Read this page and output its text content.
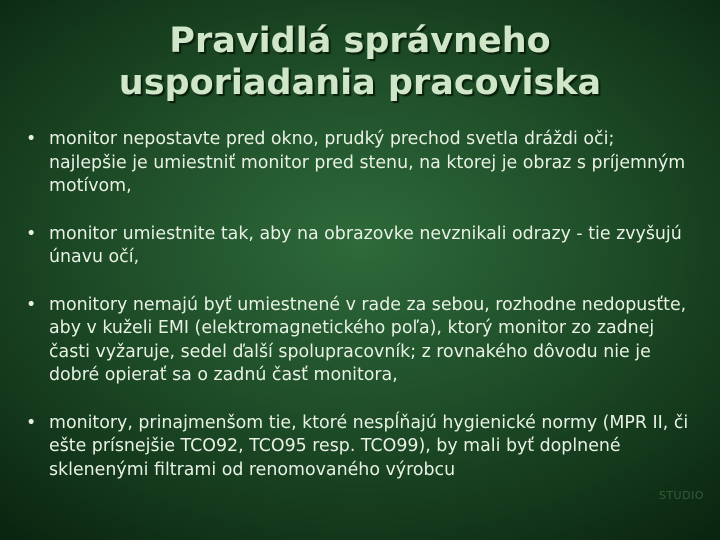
Pravidlá správneho usporiadania pracoviska
• monitor nepostavte pred okno, prudký prechod svetla dráždi oči; najlepšie je umiestniť monitor pred stenu, na ktorej je obraz s príjemným motívom,
• monitor umiestnite tak, aby na obrazovke nevznikali odrazy - tie zvyšujú únavu očí,
• monitory nemajú byť umiestnené v rade za sebou, rozhodne nedopusťte, aby v kuželi EMI (elektromagnetického poľa), ktorý monitor zo zadnej časti vyžaruje, sedel ďalší spolupracovník; z rovnakého dôvodu nie je dobré opierať sa o zadnú časť monitora,
• monitory, prinajmenšom tie, ktoré nespĺňajú hygienické normy (MPR II, či ešte prísnejšie TCO92, TCO95 resp. TCO99), by mali byť doplnené sklenenými filtrami od renomovaného výrobcu
STUDIO
